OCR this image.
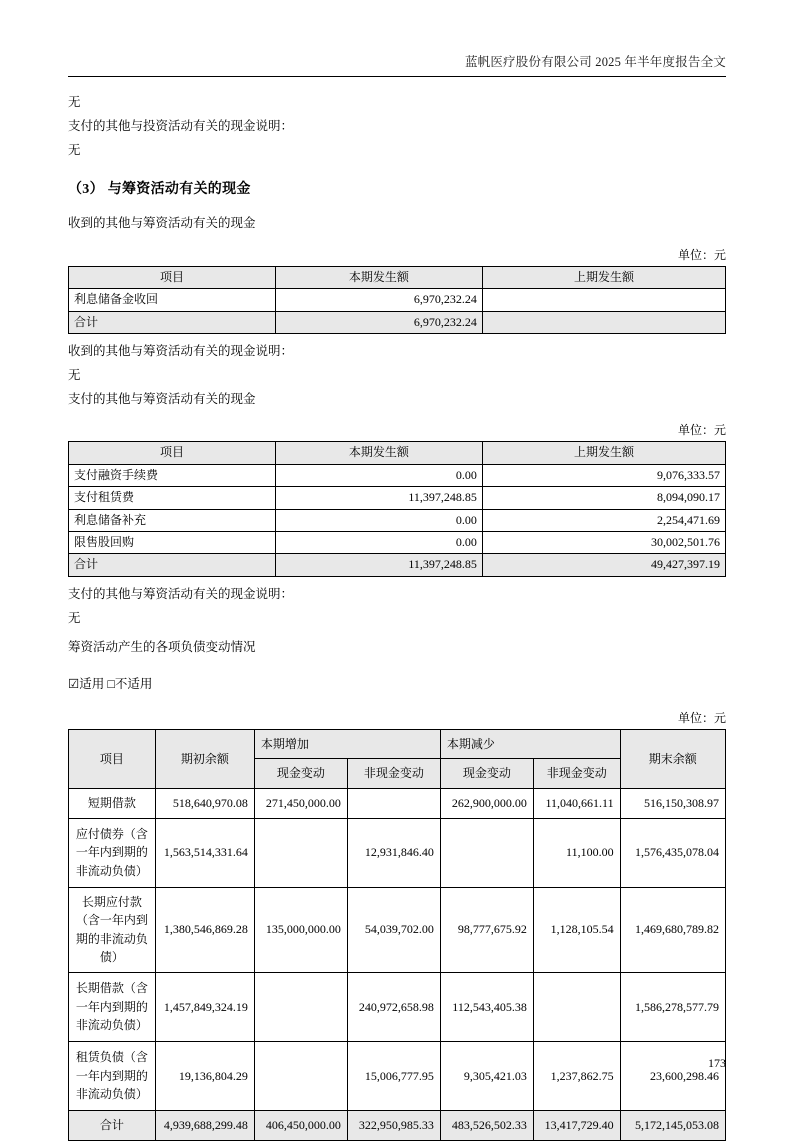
蓝帆医疗股份有限公司 2025 年半年度报告全文

无

支付的其他与投资活动有关的现金说明：

无

（3） 与筹资活动有关的现金

收到的其他与筹资活动有关的现金

单位：元
项目	本期发生额	上期发生额
利息储备金收回	6,970,232.24	
合计	6,970,232.24	

收到的其他与筹资活动有关的现金说明：

无

支付的其他与筹资活动有关的现金

单位：元
项目	本期发生额	上期发生额
支付融资手续费	0.00	9,076,333.57
支付租赁费	11,397,248.85	8,094,090.17
利息储备补充	0.00	2,254,471.69
限售股回购	0.00	30,002,501.76
合计	11,397,248.85	49,427,397.19

支付的其他与筹资活动有关的现金说明：

无

筹资活动产生的各项负债变动情况

☑适用 □不适用

单位：元
项目	期初余额	本期增加		本期减少		期末余额
		现金变动	非现金变动	现金变动	非现金变动	
短期借款	518,640,970.08	271,450,000.00		262,900,000.00	11,040,661.11	516,150,308.97
应付债券（含一年内到期的非流动负债）	1,563,514,331.64		12,931,846.40		11,100.00	1,576,435,078.04
长期应付款（含一年内到期的非流动负债）	1,380,546,869.28	135,000,000.00	54,039,702.00	98,777,675.92	1,128,105.54	1,469,680,789.82
长期借款（含一年内到期的非流动负债）	1,457,849,324.19		240,972,658.98	112,543,405.38		1,586,278,577.79
租赁负债（含一年内到期的非流动负债）	19,136,804.29		15,006,777.95	9,305,421.03	1,237,862.75	23,600,298.46
合计	4,939,688,299.48	406,450,000.00	322,950,985.33	483,526,502.33	13,417,729.40	5,172,145,053.08
173
